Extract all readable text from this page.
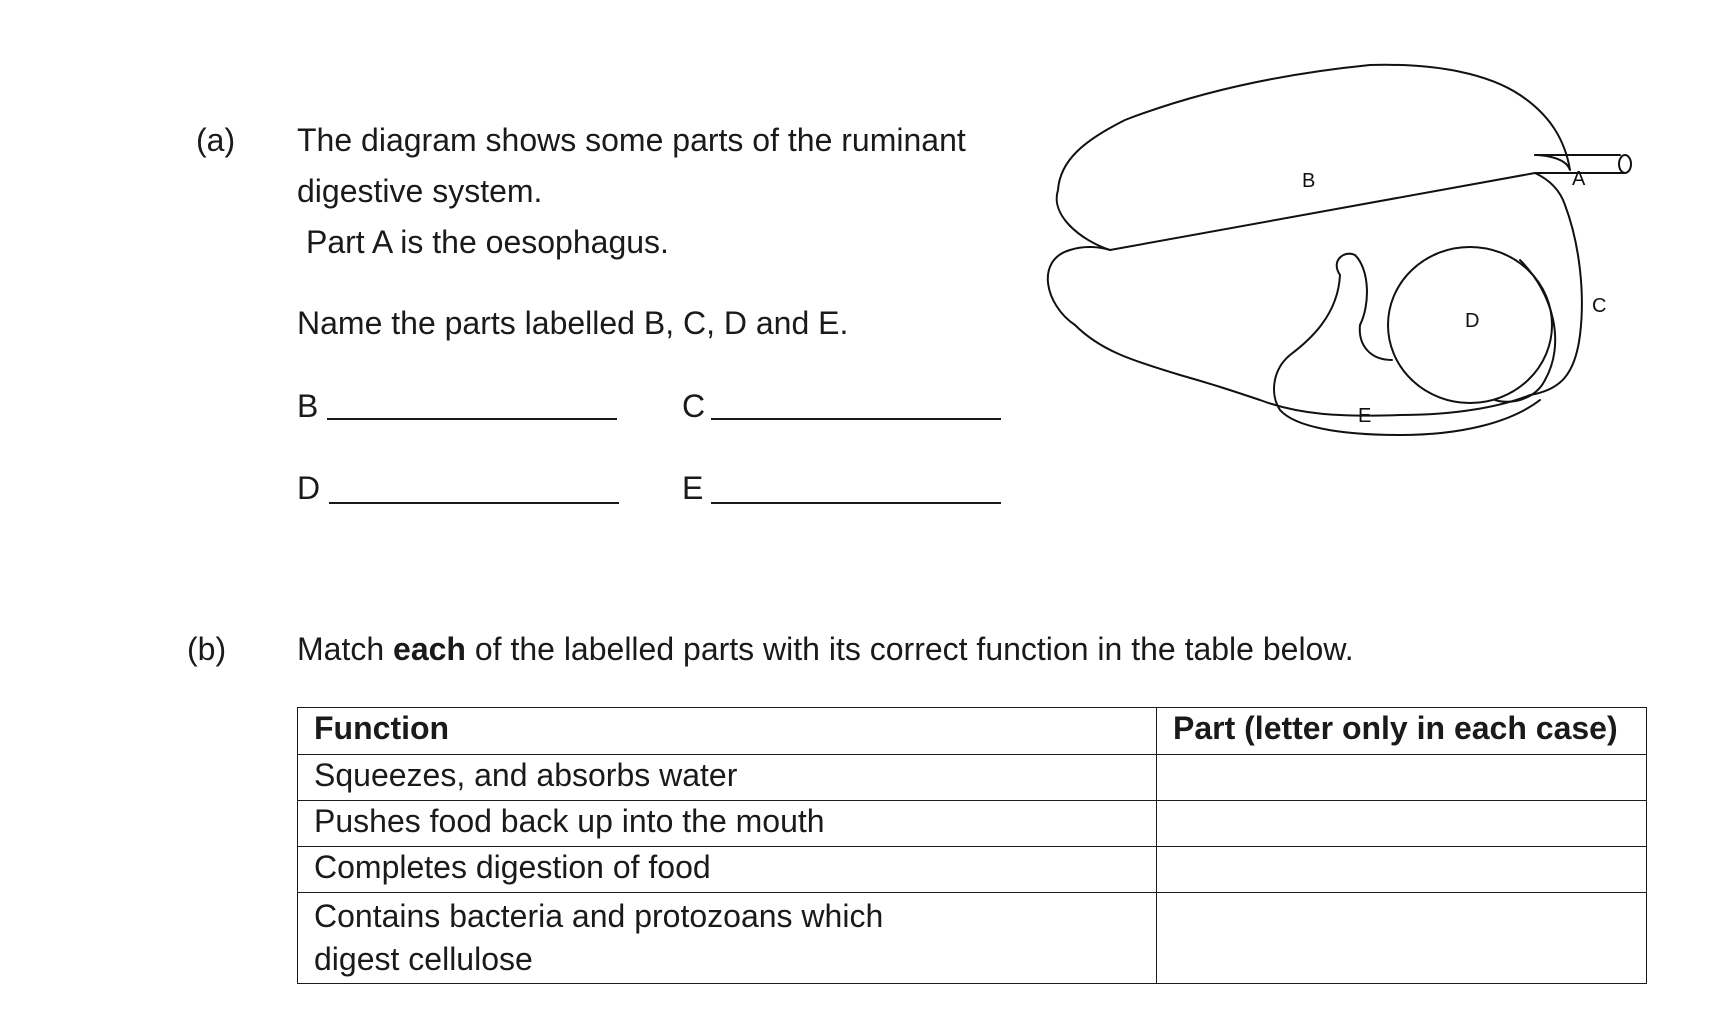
(a) The diagram shows some parts of the ruminant
digestive system.
Part A is the oesophagus.
Name the parts labelled B, C, D and E.
B	C
D	E
B	A
C
D
E
(b) Match each of the labelled parts with its correct function in the table below.
Function	Part (letter only in each case)
Squeezes, and absorbs water	
Pushes food back up into the mouth	
Completes digestion of food	
Contains bacteria and protozoans which digest cellulose	
